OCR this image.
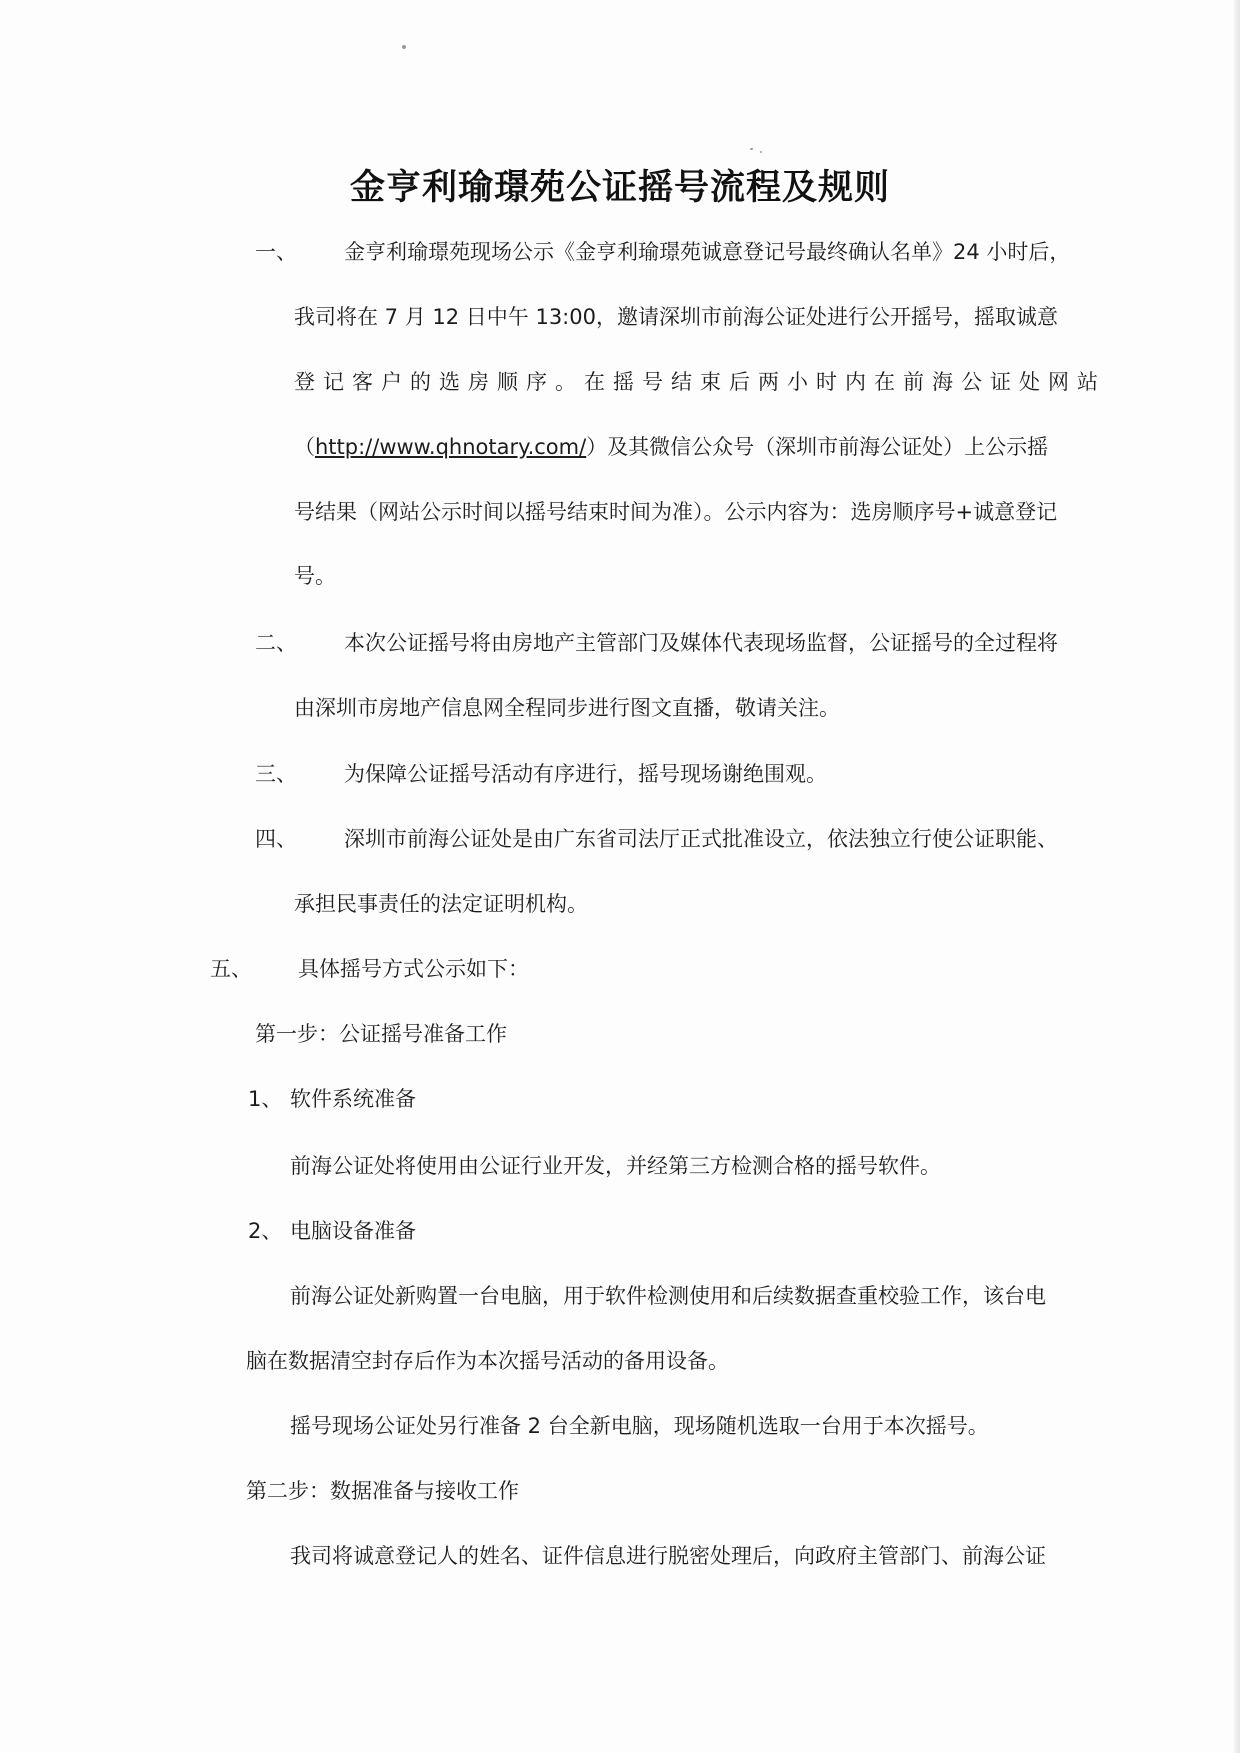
金亨利瑜璟苑公证摇号流程及规则
一、 金亨利瑜璟苑现场公示《金亨利瑜璟苑诚意登记号最终确认名单》24 小时后，
我司将在 7 月 12 日中午 13:00，邀请深圳市前海公证处进行公开摇号，摇取诚意
登记客户的选房顺序。在摇号结束后两小时内在前海公证处网站
（http://www.qhnotary.com/）及其微信公众号（深圳市前海公证处）上公示摇
号结果（网站公示时间以摇号结束时间为准）。公示内容为：选房顺序号+诚意登记
号。
二、 本次公证摇号将由房地产主管部门及媒体代表现场监督，公证摇号的全过程将
由深圳市房地产信息网全程同步进行图文直播，敬请关注。
三、 为保障公证摇号活动有序进行，摇号现场谢绝围观。
四、 深圳市前海公证处是由广东省司法厅正式批准设立，依法独立行使公证职能、
承担民事责任的法定证明机构。
五、 具体摇号方式公示如下：
第一步：公证摇号准备工作
1、 软件系统准备
前海公证处将使用由公证行业开发，并经第三方检测合格的摇号软件。
2、 电脑设备准备
前海公证处新购置一台电脑，用于软件检测使用和后续数据查重校验工作，该台电
脑在数据清空封存后作为本次摇号活动的备用设备。
摇号现场公证处另行准备 2 台全新电脑，现场随机选取一台用于本次摇号。
第二步：数据准备与接收工作
我司将诚意登记人的姓名、证件信息进行脱密处理后，向政府主管部门、前海公证
